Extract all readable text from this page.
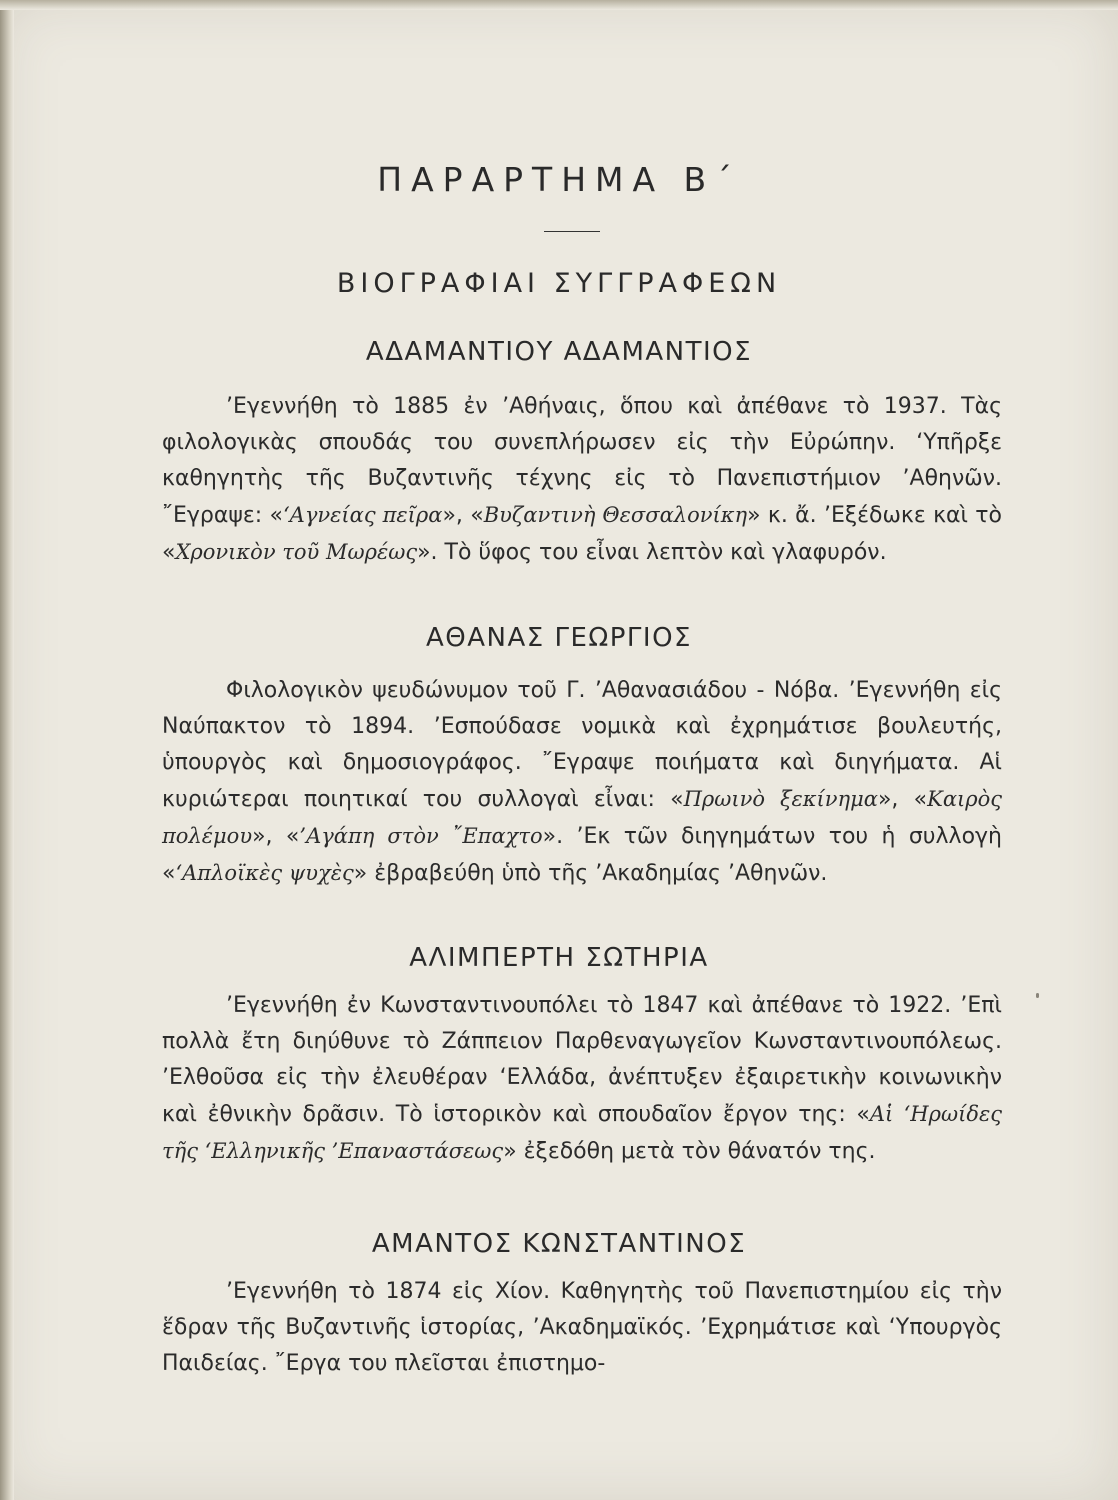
ΠΑΡΑΡΤΗΜΑ Β΄
ΒΙΟΓΡΑΦΙΑΙ ΣΥΓΓΡΑΦΕΩΝ
ΑΔΑΜΑΝΤΙΟΥ ΑΔΑΜΑΝΤΙΟΣ

’Εγεννήθη τὸ 1885 ἐν ’Αθήναις, ὅπου καὶ ἀπέθανε τὸ 1937. Τὰς φιλολογικὰς σπουδάς του συνεπλήρωσεν εἰς τὴν Εὐρώπην. ‘Υπῆρξε καθηγητὴς τῆς Βυζαντινῆς τέχνης εἰς τὸ Πανεπιστήμιον ’Αθηνῶν. ῎Εγραψε: «‘Αγνείας πεῖρα», «Βυζαντινὴ Θεσσαλονίκη» κ. ἄ. ’Εξέδωκε καὶ τὸ «Χρονικὸν τοῦ Μωρέως». Τὸ ὕφος του εἶναι λεπτὸν καὶ γλαφυρόν.

ΑΘΑΝΑΣ ΓΕΩΡΓΙΟΣ

Φιλολογικὸν ψευδώνυμον τοῦ Γ. ’Αθανασιάδου - Νόβα. ’Εγεννήθη εἰς Ναύπακτον τὸ 1894. ’Εσπούδασε νομικὰ καὶ ἐχρημάτισε βουλευτής, ὑπουργὸς καὶ δημοσιογράφος. ῎Εγραψε ποιήματα καὶ διηγήματα. Αἱ κυριώτεραι ποιητικαί του συλλογαὶ εἶναι: «Πρωινὸ ξεκίνημα», «Καιρὸς πολέμου», «’Αγάπη στὸν ῎Επαχτο». ’Εκ τῶν διηγημάτων του ἡ συλλογὴ «‘Απλοϊκὲς ψυχὲς» ἐβραβεύθη ὑπὸ τῆς ’Ακαδημίας ’Αθηνῶν.

ΑΛΙΜΠΕΡΤΗ ΣΩΤΗΡΙΑ

’Εγεννήθη ἐν Κωνσταντινουπόλει τὸ 1847 καὶ ἀπέθανε τὸ 1922. ’Επὶ πολλὰ ἔτη διηύθυνε τὸ Ζάππειον Παρθεναγωγεῖον Κωνσταντινουπόλεως. ’Ελθοῦσα εἰς τὴν ἐλευθέραν ‘Ελλάδα, ἀνέπτυξεν ἐξαιρετικὴν κοινωνικὴν καὶ ἐθνικὴν δρᾶσιν. Τὸ ἱστορικὸν καὶ σπουδαῖον ἔργον της: «Αἱ ‘Ηρωίδες τῆς ‘Ελληνικῆς ’Επαναστάσεως» ἐξεδόθη μετὰ τὸν θάνατόν της.

ΑΜΑΝΤΟΣ ΚΩΝΣΤΑΝΤΙΝΟΣ

’Εγεννήθη τὸ 1874 εἰς Χίον. Καθηγητὴς τοῦ Πανεπιστημίου εἰς τὴν ἕδραν τῆς Βυζαντινῆς ἱστορίας, ’Ακαδημαϊκός. ’Εχρημάτισε καὶ ‘Υπουργὸς Παιδείας. ῎Εργα του πλεῖσται ἐπιστημο-
